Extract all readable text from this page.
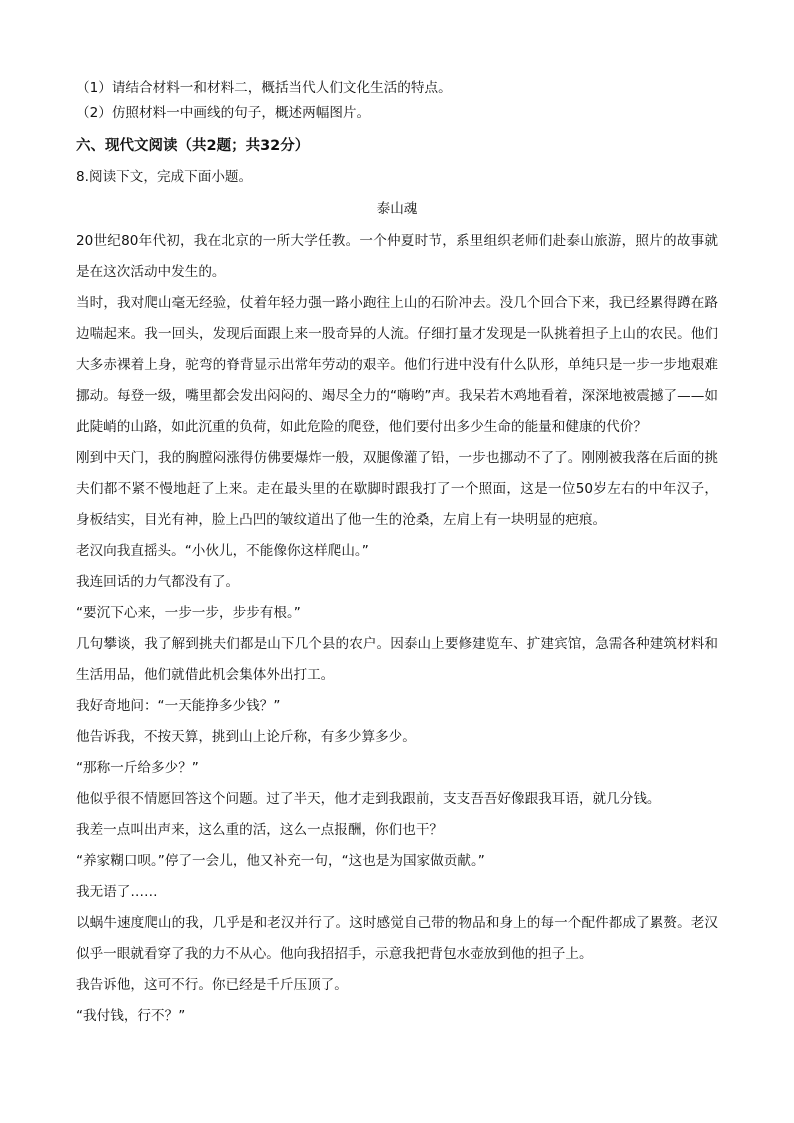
（1）请结合材料一和材料二，概括当代人们文化生活的特点。

（2）仿照材料一中画线的句子，概述两幅图片。

六、现代文阅读（共2题；共32分）

8.阅读下文，完成下面小题。

泰山魂

20世纪80年代初，我在北京的一所大学任教。一个仲夏时节，系里组织老师们赴泰山旅游，照片的故事就是在这次活动中发生的。

当时，我对爬山毫无经验，仗着年轻力强一路小跑往上山的石阶冲去。没几个回合下来，我已经累得蹲在路边喘起来。我一回头，发现后面跟上来一股奇异的人流。仔细打量才发现是一队挑着担子上山的农民。他们大多赤裸着上身，驼弯的脊背显示出常年劳动的艰辛。他们行进中没有什么队形，单纯只是一步一步地艰难挪动。每登一级，嘴里都会发出闷闷的、竭尽全力的“嗨哟”声。我呆若木鸡地看着，深深地被震撼了——如此陡峭的山路，如此沉重的负荷，如此危险的爬登，他们要付出多少生命的能量和健康的代价？

刚到中天门，我的胸膛闷涨得仿佛要爆炸一般，双腿像灌了铅，一步也挪动不了了。刚刚被我落在后面的挑夫们都不紧不慢地赶了上来。走在最头里的在歇脚时跟我打了一个照面，这是一位50岁左右的中年汉子，身板结实，目光有神，脸上凸凹的皱纹道出了他一生的沧桑，左肩上有一块明显的疤痕。

老汉向我直摇头。“小伙儿，不能像你这样爬山。”

我连回话的力气都没有了。

“要沉下心来，一步一步，步步有根。”

几句攀谈，我了解到挑夫们都是山下几个县的农户。因泰山上要修建览车、扩建宾馆，急需各种建筑材料和生活用品，他们就借此机会集体外出打工。

我好奇地问：“一天能挣多少钱？”

他告诉我，不按天算，挑到山上论斤称，有多少算多少。

“那称一斤给多少？”

他似乎很不情愿回答这个问题。过了半天，他才走到我跟前，支支吾吾好像跟我耳语，就几分钱。

我差一点叫出声来，这么重的活，这么一点报酬，你们也干？

“养家糊口呗。”停了一会儿，他又补充一句，“这也是为国家做贡献。”

我无语了……

以蜗牛速度爬山的我，几乎是和老汉并行了。这时感觉自己带的物品和身上的每一个配件都成了累赘。老汉似乎一眼就看穿了我的力不从心。他向我招招手，示意我把背包水壶放到他的担子上。

我告诉他，这可不行。你已经是千斤压顶了。

“我付钱，行不？”
